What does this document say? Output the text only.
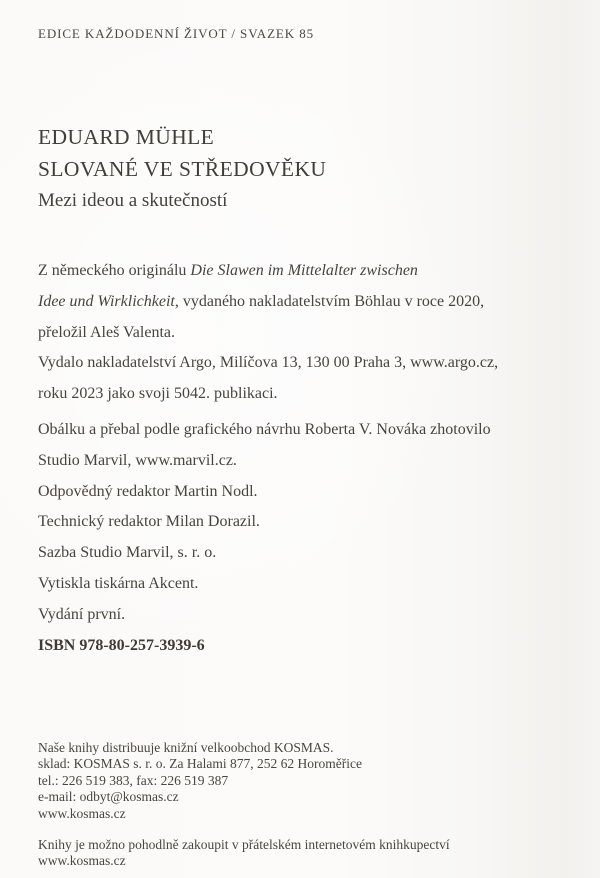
EDICE KAŽDODENNÍ ŽIVOT / SVAZEK 85
EDUARD MÜHLE
SLOVANÉ VE STŘEDOVĚKU
Mezi ideou a skutečností
Z německého originálu Die Slawen im Mittelalter zwischen
Idee und Wirklichkeit, vydaného nakladatelstvím Böhlau v roce 2020,
přeložil Aleš Valenta.
Vydalo nakladatelství Argo, Milíčova 13, 130 00 Praha 3, www.argo.cz,
roku 2023 jako svoji 5042. publikaci.
Obálku a přebal podle grafického návrhu Roberta V. Nováka zhotovilo
Studio Marvil, www.marvil.cz.
Odpovědný redaktor Martin Nodl.
Technický redaktor Milan Dorazil.
Sazba Studio Marvil, s. r. o.
Vytiskla tiskárna Akcent.
Vydání první.
ISBN 978-80-257-3939-6
Naše knihy distribuuje knižní velkoobchod KOSMAS.
sklad: KOSMAS s. r. o. Za Halami 877, 252 62 Horoměřice
tel.: 226 519 383, fax: 226 519 387
e-mail: odbyt@kosmas.cz
www.kosmas.cz
Knihy je možno pohodlně zakoupit v přátelském internetovém knihkupectví
www.kosmas.cz
